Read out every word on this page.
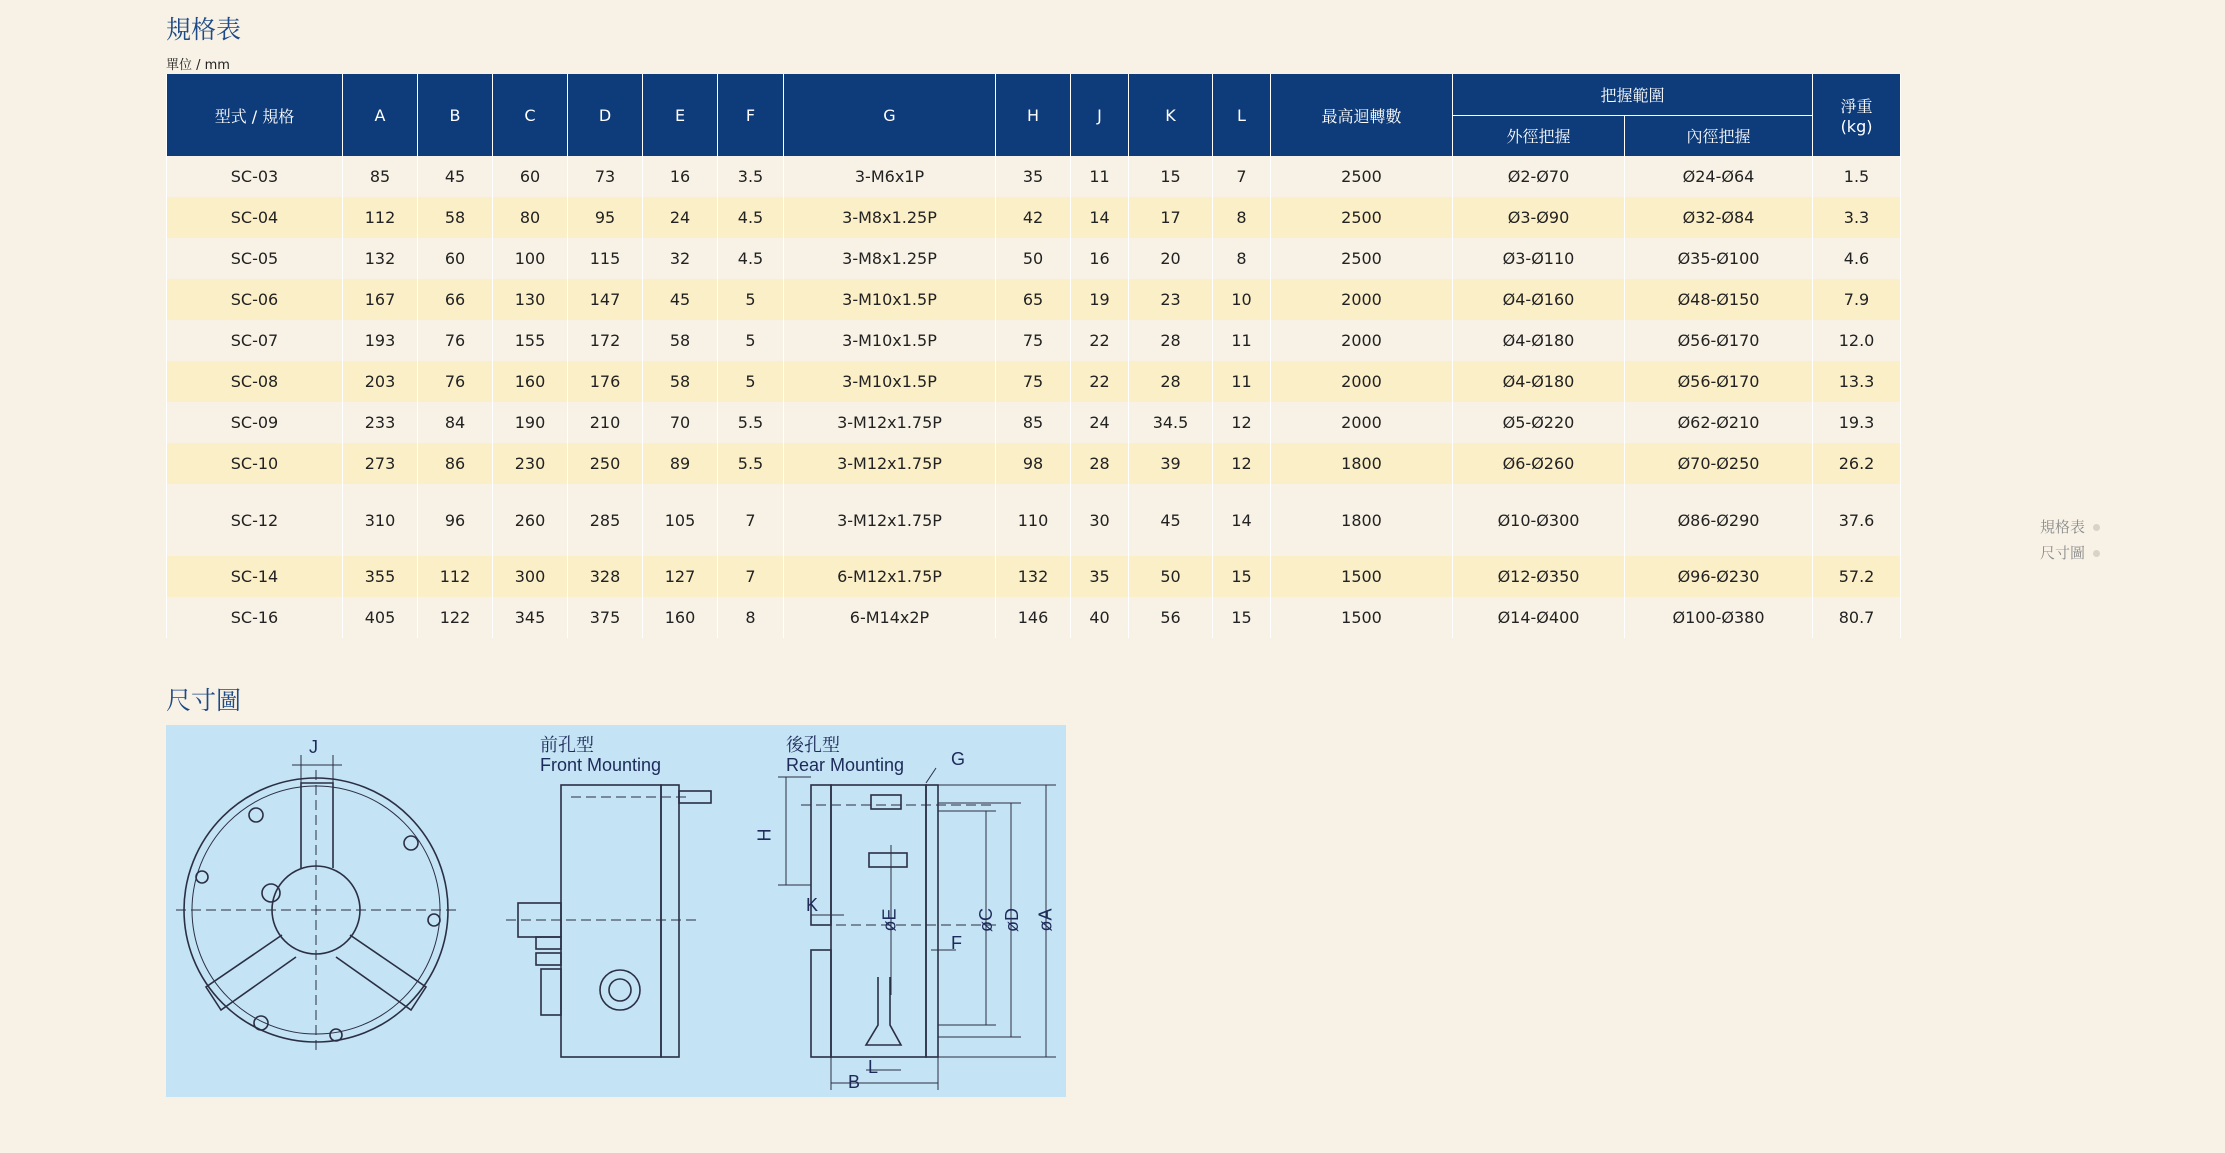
規格表
單位 / mm
型式 / 規格	A	B	C	D	E	F	G	H	J	K	L	最高迴轉數	把握範圍		淨重
(kg)
													外徑把握	內徑把握	
SC-03	85	45	60	73	16	3.5	3-M6x1P	35	11	15	7	2500	Ø2-Ø70	Ø24-Ø64	1.5
SC-04	112	58	80	95	24	4.5	3-M8x1.25P	42	14	17	8	2500	Ø3-Ø90	Ø32-Ø84	3.3
SC-05	132	60	100	115	32	4.5	3-M8x1.25P	50	16	20	8	2500	Ø3-Ø110	Ø35-Ø100	4.6
SC-06	167	66	130	147	45	5	3-M10x1.5P	65	19	23	10	2000	Ø4-Ø160	Ø48-Ø150	7.9
SC-07	193	76	155	172	58	5	3-M10x1.5P	75	22	28	11	2000	Ø4-Ø180	Ø56-Ø170	12.0
SC-08	203	76	160	176	58	5	3-M10x1.5P	75	22	28	11	2000	Ø4-Ø180	Ø56-Ø170	13.3
SC-09	233	84	190	210	70	5.5	3-M12x1.75P	85	24	34.5	12	2000	Ø5-Ø220	Ø62-Ø210	19.3
SC-10	273	86	230	250	89	5.5	3-M12x1.75P	98	28	39	12	1800	Ø6-Ø260	Ø70-Ø250	26.2
SC-12	310	96	260	285	105	7	3-M12x1.75P	110	30	45	14	1800	Ø10-Ø300	Ø86-Ø290	37.6
SC-14	355	112	300	328	127	7	6-M12x1.75P	132	35	50	15	1500	Ø12-Ø350	Ø96-Ø230	57.2
SC-16	405	122	345	375	160	8	6-M14x2P	146	40	56	15	1500	Ø14-Ø400	Ø100-Ø380	80.7
規格表
尺寸圖
尺寸圖
J	前孔型
Front Mounting
後孔型
Rear Mounting	G
H
K
øE	øC øD øA
F
L
B
